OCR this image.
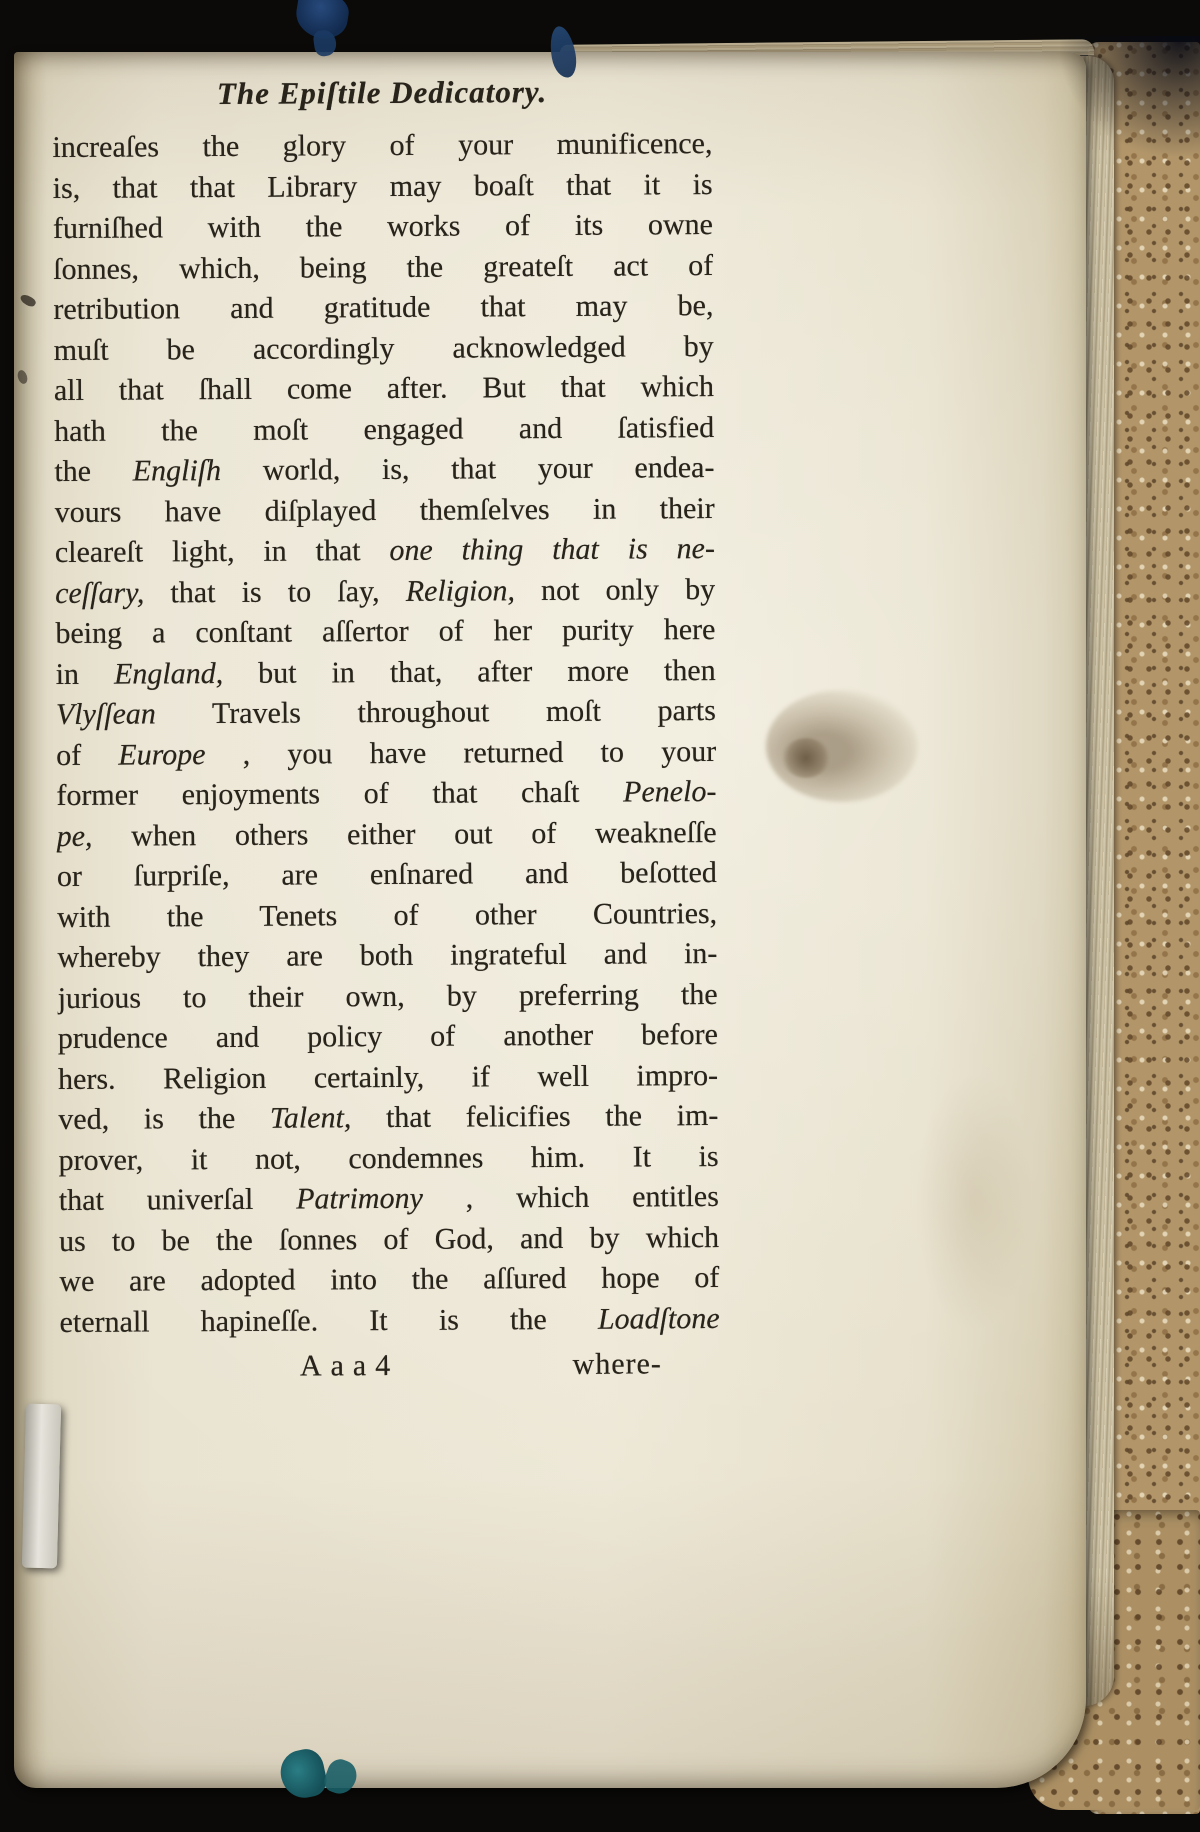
The Epiſtile Dedicatory.
increaſes the glory of your munificence,
is, that that Library may boaſt that it is
furniſhed with the works of its owne
ſonnes, which, being the greateſt act of
retribution and gratitude that may be,
muſt be accordingly acknowledged by
all that ſhall come after. But that which
hath the moſt engaged and ſatisfied
the Engliſh world, is, that your endea-
vours have diſplayed themſelves in their
cleareſt light, in that one thing that is ne-
ceſſary, that is to ſay, Religion, not only by
being a conſtant aſſertor of her purity here
in England, but in that, after more then
Vlyſſean Travels throughout moſt parts
of Europe , you have returned to your
former enjoyments of that chaſt Penelo-
pe, when others either out of weakneſſe
or ſurpriſe, are enſnared and beſotted
with the Tenets of other Countries,
whereby they are both ingrateful and in-
jurious to their own, by preferring the
prudence and policy of another before
hers. Religion certainly, if well impro-
ved, is the Talent, that felicifies the im-
prover, it not, condemnes him. It is
that univerſal Patrimony , which entitles
us to be the ſonnes of God, and by which
we are adopted into the aſſured hope of
eternall hapineſſe. It is the Loadſtone
Aaa4	where-
